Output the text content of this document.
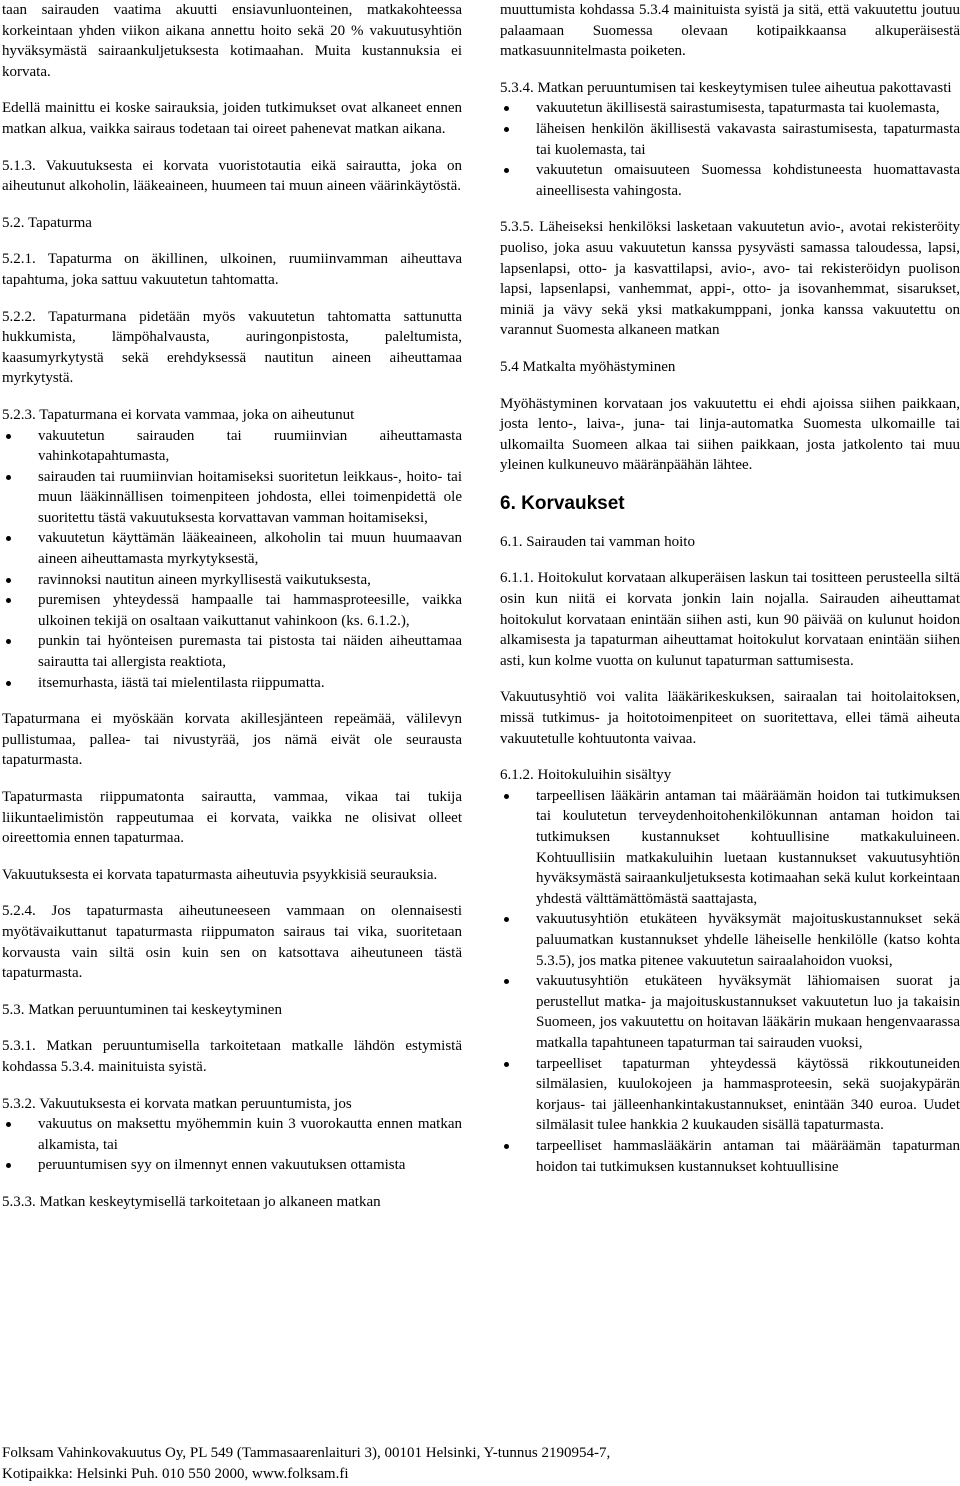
taan sairauden vaatima akuutti ensiavunluonteinen, matkakohteessa korkeintaan yhden viikon aikana annettu hoito sekä 20 % vakuutusyhtiön hyväksymästä sairaankuljetuksesta kotimaahan. Muita kustannuksia ei korvata.

Edellä mainittu ei koske sairauksia, joiden tutkimukset ovat alkaneet ennen matkan alkua, vaikka sairaus todetaan tai oireet pahenevat matkan aikana.

5.1.3. Vakuutuksesta ei korvata vuoristotautia eikä sairautta, joka on aiheutunut alkoholin, lääkeaineen, huumeen tai muun aineen väärinkäytöstä.

5.2. Tapaturma

5.2.1. Tapaturma on äkillinen, ulkoinen, ruumiinvamman aiheuttava tapahtuma, joka sattuu vakuutetun tahtomatta.

5.2.2. Tapaturmana pidetään myös vakuutetun tahtomatta sattunutta hukkumista, lämpöhalvausta, auringonpistosta, paleltumista, kaasumyrkytystä sekä erehdyksessä nautitun aineen aiheuttamaa myrkytystä.

5.2.3. Tapaturmana ei korvata vammaa, joka on aiheutunut

vakuutetun sairauden tai ruumiinvian aiheuttamasta vahinkotapahtumasta,
sairauden tai ruumiinvian hoitamiseksi suoritetun leikkaus-, hoito- tai muun lääkinnällisen toimenpiteen johdosta, ellei toimenpidettä ole suoritettu tästä vakuutuksesta korvattavan vamman hoitamiseksi,
vakuutetun käyttämän lääkeaineen, alkoholin tai muun huumaavan aineen aiheuttamasta myrkytyksestä,
ravinnoksi nautitun aineen myrkyllisestä vaikutuksesta,
puremisen yhteydessä hampaalle tai hammasproteesille, vaikka ulkoinen tekijä on osaltaan vaikuttanut vahinkoon (ks. 6.1.2.),
punkin tai hyönteisen puremasta tai pistosta tai näiden aiheuttamaa sairautta tai allergista reaktiota,
itsemurhasta, iästä tai mielentilasta riippumatta.

Tapaturmana ei myöskään korvata akillesjänteen repeämää, välilevyn pullistumaa, pallea- tai nivustyrää, jos nämä eivät ole seurausta tapaturmasta.

Tapaturmasta riippumatonta sairautta, vammaa, vikaa tai tukija liikuntaelimistön rappeutumaa ei korvata, vaikka ne olisivat olleet oireettomia ennen tapaturmaa.

Vakuutuksesta ei korvata tapaturmasta aiheutuvia psyykkisiä seurauksia.

5.2.4. Jos tapaturmasta aiheutuneeseen vammaan on olennaisesti myötävaikuttanut tapaturmasta riippumaton sairaus tai vika, suoritetaan korvausta vain siltä osin kuin sen on katsottava aiheutuneen tästä tapaturmasta.

5.3. Matkan peruuntuminen tai keskeytyminen

5.3.1. Matkan peruuntumisella tarkoitetaan matkalle lähdön estymistä kohdassa 5.3.4. mainituista syistä.

5.3.2. Vakuutuksesta ei korvata matkan peruuntumista, jos

vakuutus on maksettu myöhemmin kuin 3 vuorokautta ennen matkan alkamista, tai
peruuntumisen syy on ilmennyt ennen vakuutuksen ottamista

5.3.3. Matkan keskeytymisellä tarkoitetaan jo alkaneen matkan

muuttumista kohdassa 5.3.4 mainituista syistä ja sitä, että vakuutettu joutuu palaamaan Suomessa olevaan kotipaikkaansa alkuperäisestä matkasuunnitelmasta poiketen.

5.3.4. Matkan peruuntumisen tai keskeytymisen tulee aiheutua pakottavasti

vakuutetun äkillisestä sairastumisesta, tapaturmasta tai kuolemasta,
läheisen henkilön äkillisestä vakavasta sairastumisesta, tapaturmasta tai kuolemasta, tai
vakuutetun omaisuuteen Suomessa kohdistuneesta huomattavasta aineellisesta vahingosta.

5.3.5. Läheiseksi henkilöksi lasketaan vakuutetun avio-, avotai rekisteröity puoliso, joka asuu vakuutetun kanssa pysyvästi samassa taloudessa, lapsi, lapsenlapsi, otto- ja kasvattilapsi, avio-, avo- tai rekisteröidyn puolison lapsi, lapsenlapsi, vanhemmat, appi-, otto- ja isovanhemmat, sisarukset, miniä ja vävy sekä yksi matkakumppani, jonka kanssa vakuutettu on varannut Suomesta alkaneen matkan

5.4 Matkalta myöhästyminen

Myöhästyminen korvataan jos vakuutettu ei ehdi ajoissa siihen paikkaan, josta lento-, laiva-, juna- tai linja-automatka Suomesta ulkomaille tai ulkomailta Suomeen alkaa tai siihen paikkaan, josta jatkolento tai muu yleinen kulkuneuvo määränpäähän lähtee.

6. Korvaukset

6.1. Sairauden tai vamman hoito

6.1.1. Hoitokulut korvataan alkuperäisen laskun tai tositteen perusteella siltä osin kun niitä ei korvata jonkin lain nojalla. Sairauden aiheuttamat hoitokulut korvataan enintään siihen asti, kun 90 päivää on kulunut hoidon alkamisesta ja tapaturman aiheuttamat hoitokulut korvataan enintään siihen asti, kun kolme vuotta on kulunut tapaturman sattumisesta.

Vakuutusyhtiö voi valita lääkärikeskuksen, sairaalan tai hoitolaitoksen, missä tutkimus- ja hoitotoimenpiteet on suoritettava, ellei tämä aiheuta vakuutetulle kohtuutonta vaivaa.

6.1.2. Hoitokuluihin sisältyy

tarpeellisen lääkärin antaman tai määräämän hoidon tai tutkimuksen tai koulutetun terveydenhoitohenkilökunnan antaman hoidon tai tutkimuksen kustannukset kohtuullisine matkakuluineen. Kohtuullisiin matkakuluihin luetaan kustannukset vakuutusyhtiön hyväksymästä sairaankuljetuksesta kotimaahan sekä kulut korkeintaan yhdestä välttämättömästä saattajasta,
vakuutusyhtiön etukäteen hyväksymät majoituskustannukset sekä paluumatkan kustannukset yhdelle läheiselle henkilölle (katso kohta 5.3.5), jos matka pitenee vakuutetun sairaalahoidon vuoksi,
vakuutusyhtiön etukäteen hyväksymät lähiomaisen suorat ja perustellut matka- ja majoituskustannukset vakuutetun luo ja takaisin Suomeen, jos vakuutettu on hoitavan lääkärin mukaan hengenvaarassa matkalla tapahtuneen tapaturman tai sairauden vuoksi,
tarpeelliset tapaturman yhteydessä käytössä rikkoutuneiden silmälasien, kuulokojeen ja hammasproteesin, sekä suojakypärän korjaus- tai jälleenhankintakustannukset, enintään 340 euroa. Uudet silmälasit tulee hankkia 2 kuukauden sisällä tapaturmasta.
tarpeelliset hammaslääkärin antaman tai määräämän tapaturman hoidon tai tutkimuksen kustannukset kohtuullisine
Folksam Vahinkovakuutus Oy, PL 549 (Tammasaarenlaituri 3), 00101 Helsinki, Y-tunnus 2190954-7,
Kotipaikka: Helsinki Puh. 010 550 2000, www.folksam.fi
